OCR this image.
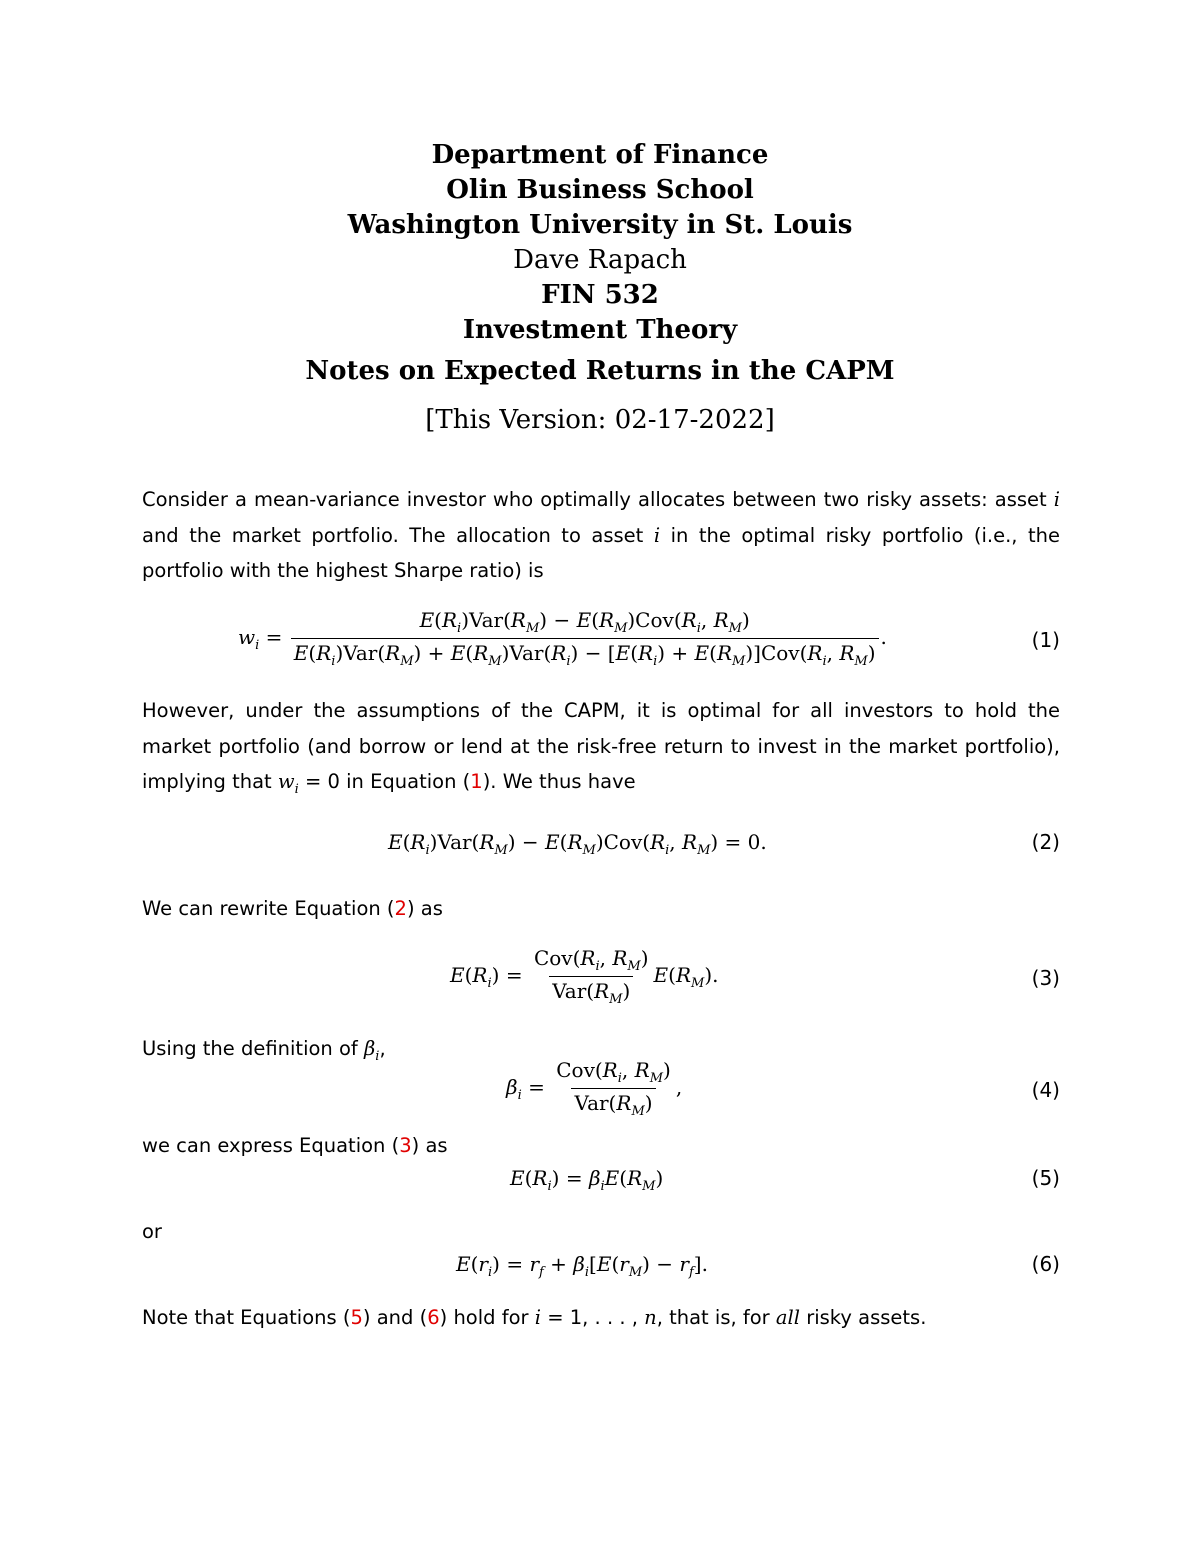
Department of Finance
Olin Business School
Washington University in St. Louis
Dave Rapach
FIN 532
Investment Theory
Notes on Expected Returns in the CAPM
[This Version: 02-17-2022]
Consider a mean-variance investor who optimally allocates between two risky assets: asset i and the market portfolio. The allocation to asset i in the optimal risky portfolio (i.e., the portfolio with the highest Sharpe ratio) is
$w_i = \frac{E(R_i)Var(R_M) - E(R_M)Cov(R_i, R_M)}{E(R_i)Var(R_M) + E(R_M)Var(R_i) - [E(R_i) + E(R_M)]Cov(R_i, R_M)}$ .	(1)
However, under the assumptions of the CAPM, it is optimal for all investors to hold the market portfolio (and borrow or lend at the risk-free return to invest in the market portfolio), implying that $w_i = 0$ in Equation (1). We thus have
$E(R_i)Var(R_M) - E(R_M)Cov(R_i$, $R_M) = 0$.	(2)
We can rewrite Equation (2) as
$E(R_i) = \frac{Cov(R_i, R_M)}{Var(R_M)} E(R_M)$.	(3)
Using the definition of $\beta_i$,
$\beta_i = \frac{Cov(R_i, R_M)}{Var(R_M)}$ ,	(4)
we can express Equation (3) as
$E(R_i) = \beta_iE(R_M)$	(5)
or
$E(r_i) = r_f + \beta_i[E(r_M) - r_f]$.	(6)
Note that Equations (5) and (6) hold for i = 1, . . . , n, that is, for all risky assets.
